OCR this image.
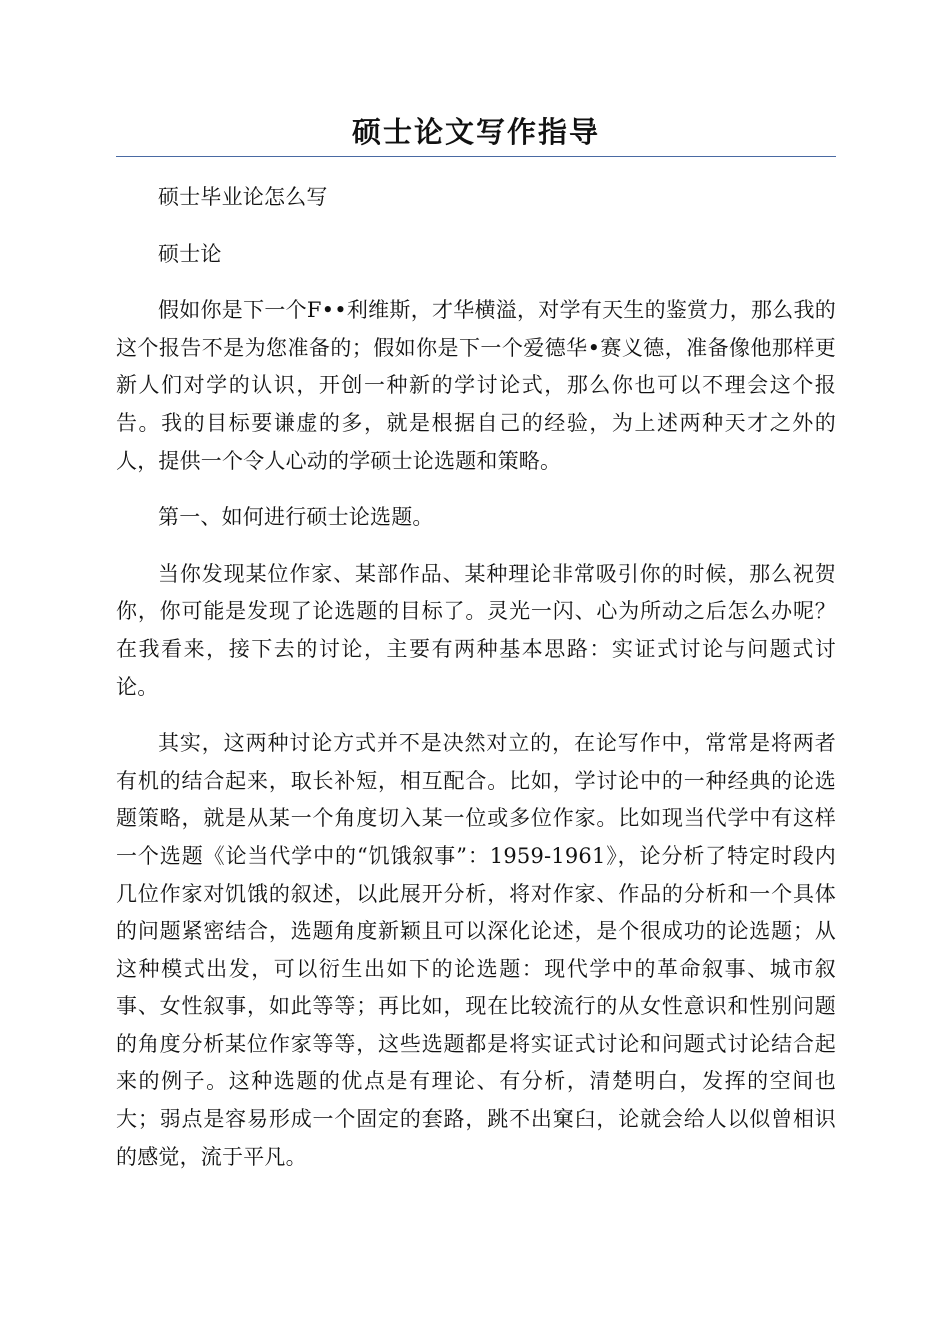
硕士论文写作指导

硕士毕业论怎么写

硕士论

假如你是下一个F••利维斯，才华横溢，对学有天生的鉴赏力，那么我的这个报告不是为您准备的；假如你是下一个爱德华•赛义德，准备像他那样更新人们对学的认识，开创一种新的学讨论式，那么你也可以不理会这个报告。我的目标要谦虚的多，就是根据自己的经验，为上述两种天才之外的人，提供一个令人心动的学硕士论选题和策略。

第一、如何进行硕士论选题。

当你发现某位作家、某部作品、某种理论非常吸引你的时候，那么祝贺你，你可能是发现了论选题的目标了。灵光一闪、心为所动之后怎么办呢？在我看来，接下去的讨论，主要有两种基本思路：实证式讨论与问题式讨论。

其实，这两种讨论方式并不是决然对立的，在论写作中，常常是将两者有机的结合起来，取长补短，相互配合。比如，学讨论中的一种经典的论选题策略，就是从某一个角度切入某一位或多位作家。比如现当代学中有这样一个选题《论当代学中的“饥饿叙事”：1959-1961》，论分析了特定时段内几位作家对饥饿的叙述，以此展开分析，将对作家、作品的分析和一个具体的问题紧密结合，选题角度新颖且可以深化论述，是个很成功的论选题；从这种模式出发，可以衍生出如下的论选题：现代学中的革命叙事、城市叙事、女性叙事，如此等等；再比如，现在比较流行的从女性意识和性别问题的角度分析某位作家等等，这些选题都是将实证式讨论和问题式讨论结合起来的例子。这种选题的优点是有理论、有分析，清楚明白，发挥的空间也大；弱点是容易形成一个固定的套路，跳不出窠臼，论就会给人以似曾相识的感觉，流于平凡。
